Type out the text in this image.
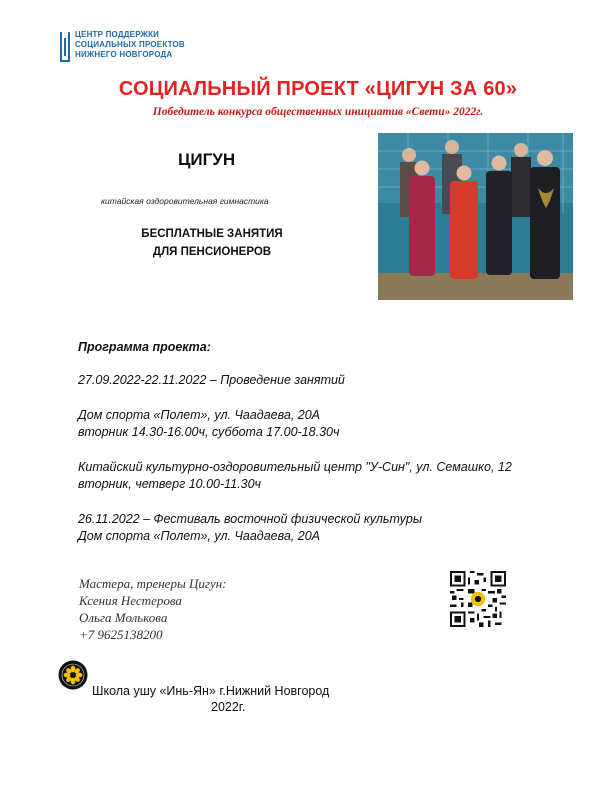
ЦЕНТР ПОДДЕРЖКИ
СОЦИАЛЬНЫХ ПРОЕКТОВ
НИЖНЕГО НОВГОРОДА
СОЦИАЛЬНЫЙ ПРОЕКТ «ЦИГУН ЗА 60»
Победитель конкурса общественных инициатив «Свети» 2022г.
ЦИГУН
китайская оздоровительная гимнастика
БЕСПЛАТНЫЕ ЗАНЯТИЯ
ДЛЯ ПЕНСИОНЕРОВ
Программа проекта:
27.09.2022-22.11.2022 – Проведение занятий
Дом спорта «Полет», ул. Чаадаева, 20А
вторник 14.30-16.00ч, суббота 17.00-18.30ч
Китайский культурно-оздоровительный центр "У-Син", ул. Семашко, 12
вторник, четверг 10.00-11.30ч
26.11.2022 – Фестиваль восточной физической культуры
Дом спорта «Полет», ул. Чаадаева, 20А
Мастера, тренеры Цигун:
Ксения Нестерова
Ольга Молькова
+7 9625138200
Школа ушу «Инь-Ян» г.Нижний Новгород
2022г.
